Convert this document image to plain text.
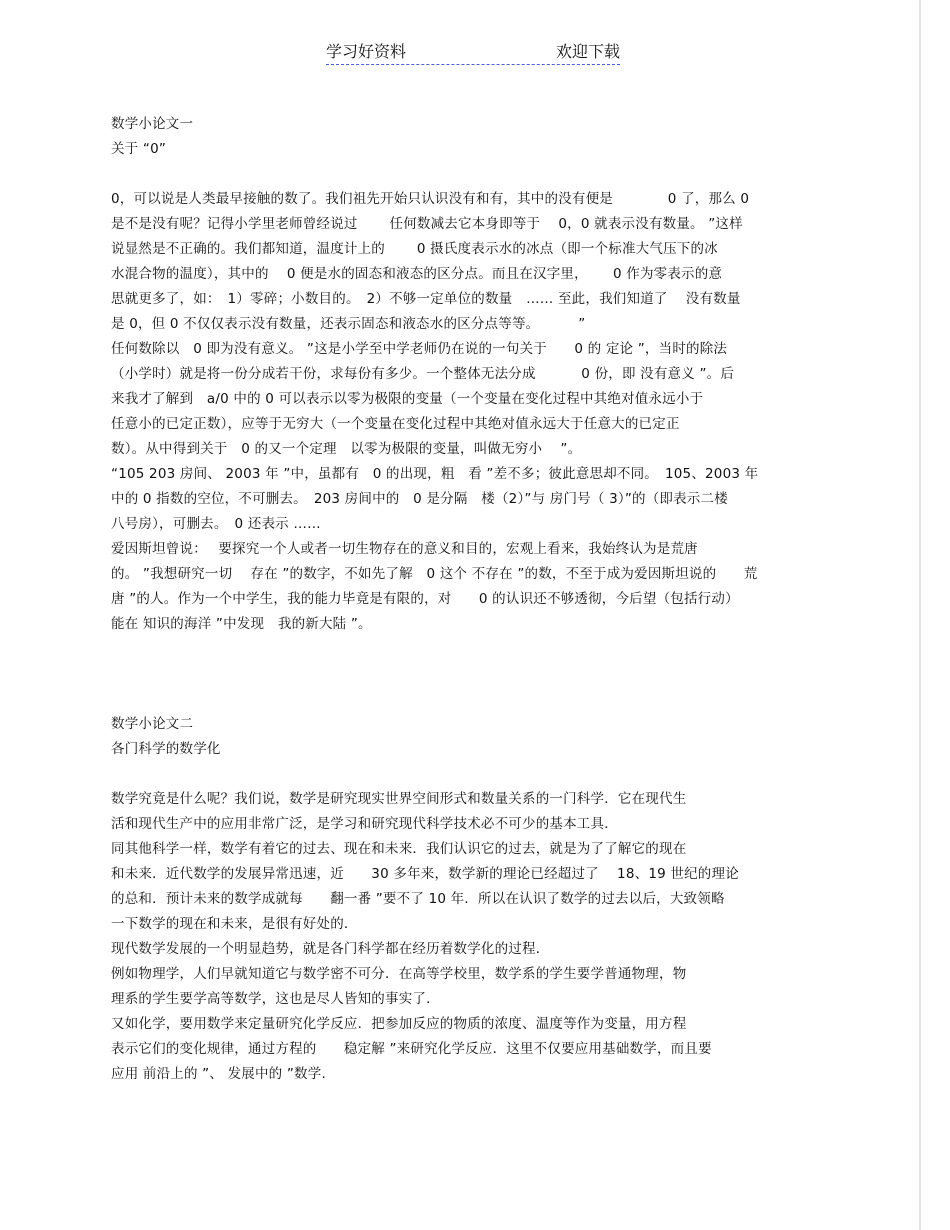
学习好资料	欢迎下载
数学小论文一
关于 “0”
0，可以说是人类最早接触的数了。我们祖先开始只认识没有和有，其中的没有便是　　　　0 了，那么 0
是不是没有呢？记得小学里老师曾经说过　　 任何数减去它本身即等于　 0，0 就表示没有数量。 ”这样
说显然是不正确的。我们都知道，温度计上的　　 0 摄氏度表示水的冰点（即一个标准大气压下的冰
水混合物的温度），其中的　 0 便是水的固态和液态的区分点。而且在汉字里，　　 0 作为零表示的意
思就更多了，如：　1）零碎；小数目的。　2）不够一定单位的数量　…… 至此，我们知道了　 没有数量
是 0，但 0 不仅仅表示没有数量，还表示固态和液态水的区分点等等。　　　 ”
任何数除以　0 即为没有意义。 ”这是小学至中学老师仍在说的一句关于　　0 的 定论 ”，当时的除法
（小学时）就是将一份分成若干份，求每份有多少。一个整体无法分成　　　 0 份，即 没有意义 ”。后
来我才了解到　a/0 中的 0 可以表示以零为极限的变量（一个变量在变化过程中其绝对值永远小于
任意小的已定正数），应等于无穷大（一个变量在变化过程中其绝对值永远大于任意大的已定正
数）。从中得到关于　0 的又一个定理　以零为极限的变量，叫做无穷小　 ”。
“105 203 房间、 2003 年 ”中，虽都有　0 的出现，粗　看 ”差不多；彼此意思却不同。　105、2003 年
中的 0 指数的空位，不可删去。　203 房间中的　0 是分隔　楼（2）”与 房门号（ 3）”的（即表示二楼
八号房），可删去。　0 还表示 ……
爱因斯坦曾说：　 要探究一个人或者一切生物存在的意义和目的，宏观上看来，我始终认为是荒唐
的。 ”我想研究一切　 存在 ”的数字，不如先了解　0 这个 不存在 ”的数，不至于成为爱因斯坦说的　　荒
唐 ”的人。作为一个中学生，我的能力毕竟是有限的，对　　0 的认识还不够透彻，今后望（包括行动）
能在 知识的海洋 ”中发现　我的新大陆 ”。
数学小论文二
各门科学的数学化
数学究竟是什么呢？我们说，数学是研究现实世界空间形式和数量关系的一门科学．它在现代生
活和现代生产中的应用非常广泛，是学习和研究现代科学技术必不可少的基本工具．
同其他科学一样，数学有着它的过去、现在和未来．我们认识它的过去，就是为了了解它的现在
和未来．近代数学的发展异常迅速，近　　30 多年来，数学新的理论已经超过了　 18、19 世纪的理论
的总和．预计未来的数学成就每　　翻一番 ”要不了 10 年．所以在认识了数学的过去以后，大致领略
一下数学的现在和未来，是很有好处的．
现代数学发展的一个明显趋势，就是各门科学都在经历着数学化的过程．
例如物理学，人们早就知道它与数学密不可分．在高等学校里，数学系的学生要学普通物理，物
理系的学生要学高等数学，这也是尽人皆知的事实了．
又如化学，要用数学来定量研究化学反应．把参加反应的物质的浓度、温度等作为变量，用方程
表示它们的变化规律，通过方程的　　稳定解 ”来研究化学反应．这里不仅要应用基础数学，而且要
应用 前沿上的 ”、 发展中的 ”数学.
